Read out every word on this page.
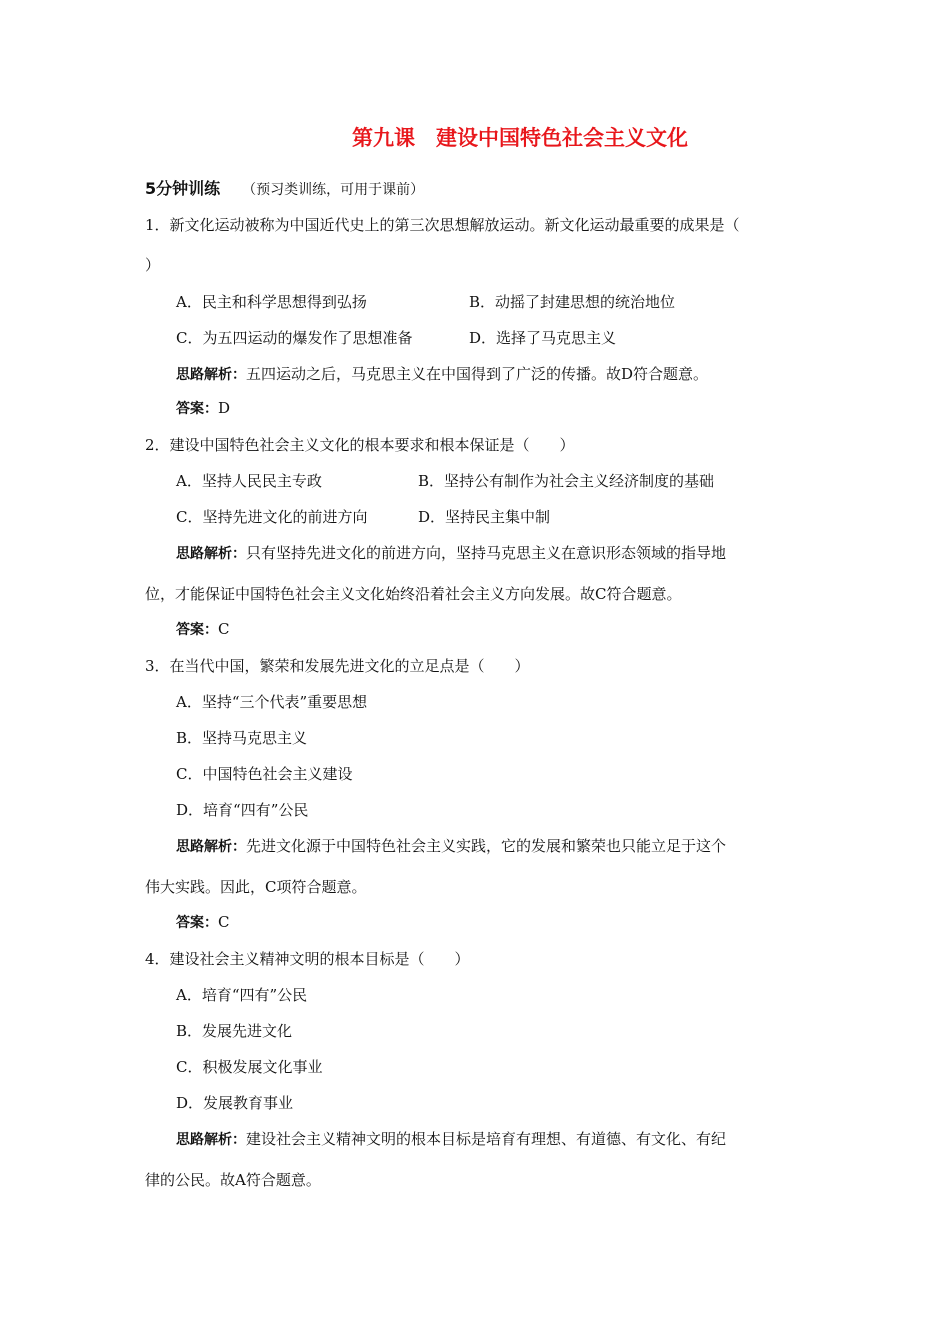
第九课　建设中国特色社会主义文化
5分钟训练 （预习类训练，可用于课前）
1．新文化运动被称为中国近代史上的第三次思想解放运动。新文化运动最重要的成果是（
）
A．民主和科学思想得到弘扬	B．动摇了封建思想的统治地位
C．为五四运动的爆发作了思想准备	D．选择了马克思主义
思路解析：五四运动之后，马克思主义在中国得到了广泛的传播。故D符合题意。
答案：D
2．建设中国特色社会主义文化的根本要求和根本保证是（　　）
A．坚持人民民主专政	B．坚持公有制作为社会主义经济制度的基础
C．坚持先进文化的前进方向	D．坚持民主集中制
思路解析：只有坚持先进文化的前进方向，坚持马克思主义在意识形态领域的指导地
位，才能保证中国特色社会主义文化始终沿着社会主义方向发展。故C符合题意。
答案：C
3．在当代中国，繁荣和发展先进文化的立足点是（　　）
A．坚持“三个代表”重要思想
B．坚持马克思主义
C．中国特色社会主义建设
D．培育“四有”公民
思路解析：先进文化源于中国特色社会主义实践，它的发展和繁荣也只能立足于这个
伟大实践。因此，C项符合题意。
答案：C
4．建设社会主义精神文明的根本目标是（　　）
A．培育“四有”公民
B．发展先进文化
C．积极发展文化事业
D．发展教育事业
思路解析：建设社会主义精神文明的根本目标是培育有理想、有道德、有文化、有纪
律的公民。故A符合题意。
